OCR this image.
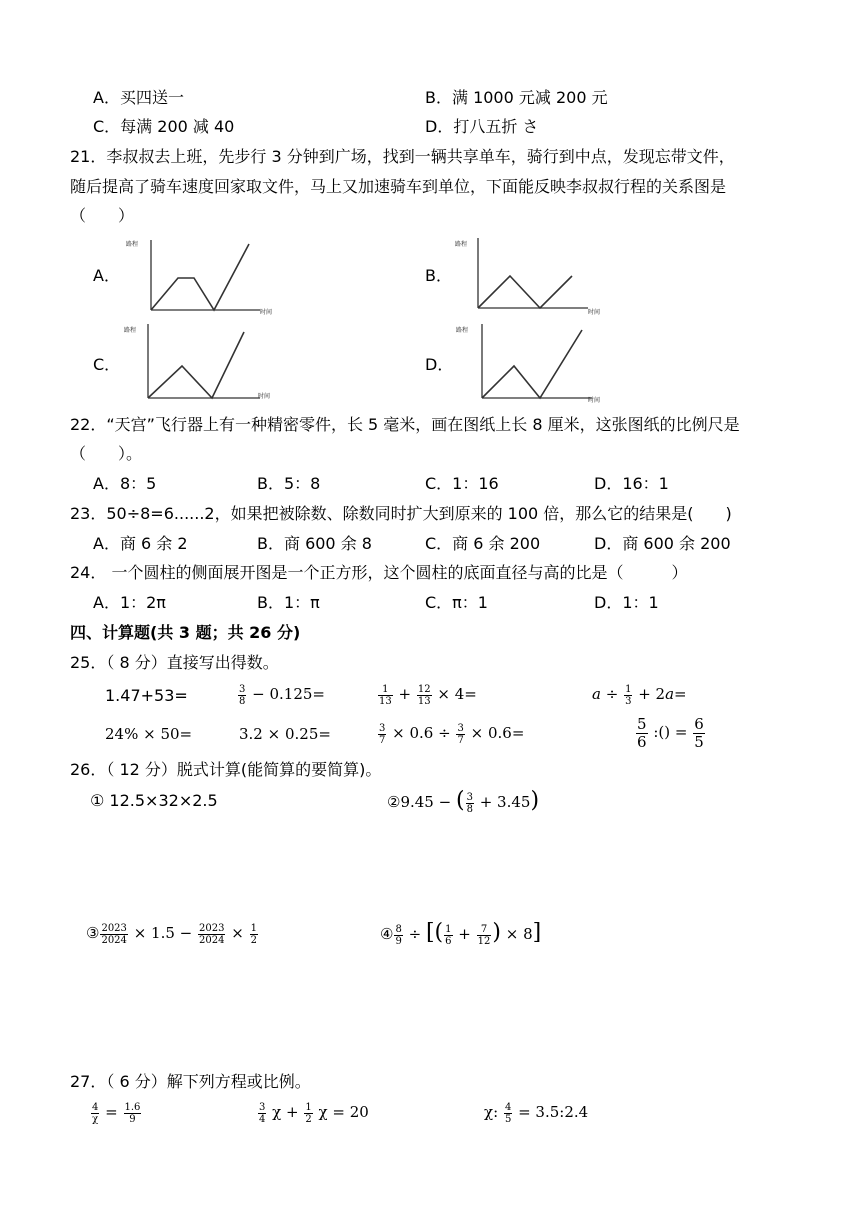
A．买四送一	B．满 1000 元减 200 元
C．每满 200 减 40	D．打八五折 さ
21．李叔叔去上班，先步行 3 分钟到广场，找到一辆共享单车，骑行到中点，发现忘带文件，
随后提高了骑车速度回家取文件，马上又加速骑车到单位，下面能反映李叔叔行程的关系图是
（　　）
A．	B．
C．	D．
路程
时间
路程
时间
路程
时间
路程
时间
22．“天宫”飞行器上有一种精密零件，长 5 毫米，画在图纸上长 8 厘米，这张图纸的比例尺是
（　　）。
A．8：5	B．5：8	C．1：16	D．16：1
23．50÷8=6......2，如果把被除数、除数同时扩大到原来的 100 倍，那么它的结果是(　　)
A．商 6 余 2	B．商 600 余 8	C．商 6 余 200	D．商 600 余 200
24． 一个圆柱的侧面展开图是一个正方形，这个圆柱的底面直径与高的比是（　　　）
A．1：2π	B．1：π	C．π：1	D．1：1
四、计算题(共 3 题；共 26 分)
25．（ 8 分）直接写出得数。
1.47+53=	$\frac{3}{8} - 0.125=$	$\frac{1}{13} + \frac{12}{13} \times 4=$	𝑎 ÷ $\frac{1}{3}$ + 2𝑎=
24% × 50=	3.2 × 0.25=	$\frac{3}{7} \times 0.6 \div \frac{3}{7} \times 0.6=$	$\frac{5}{6}$ :() = $\frac{6}{5}$
26．（ 12 分）脱式计算(能简算的要简算)。
① 12.5×32×2.5	②9.45 − ( $\frac{3}{8} + 3.45$)
③ $\frac{2023}{2024} \times 1.5 - \frac{2023}{2024} \times \frac{1}{2}$	④ $\frac{8}{9}$ ÷ [( $\frac{1}{6} + \frac{7}{12}$ ) × 8]
27．（ 6 分）解下列方程或比例。
$\frac{4}{\chi} = \frac{1.6}{9}$	$\frac{3}{4}$ $\chi + \frac{1}{2}$ χ = 20	χ: $\frac{4}{5}$ = 3.5:2.4
